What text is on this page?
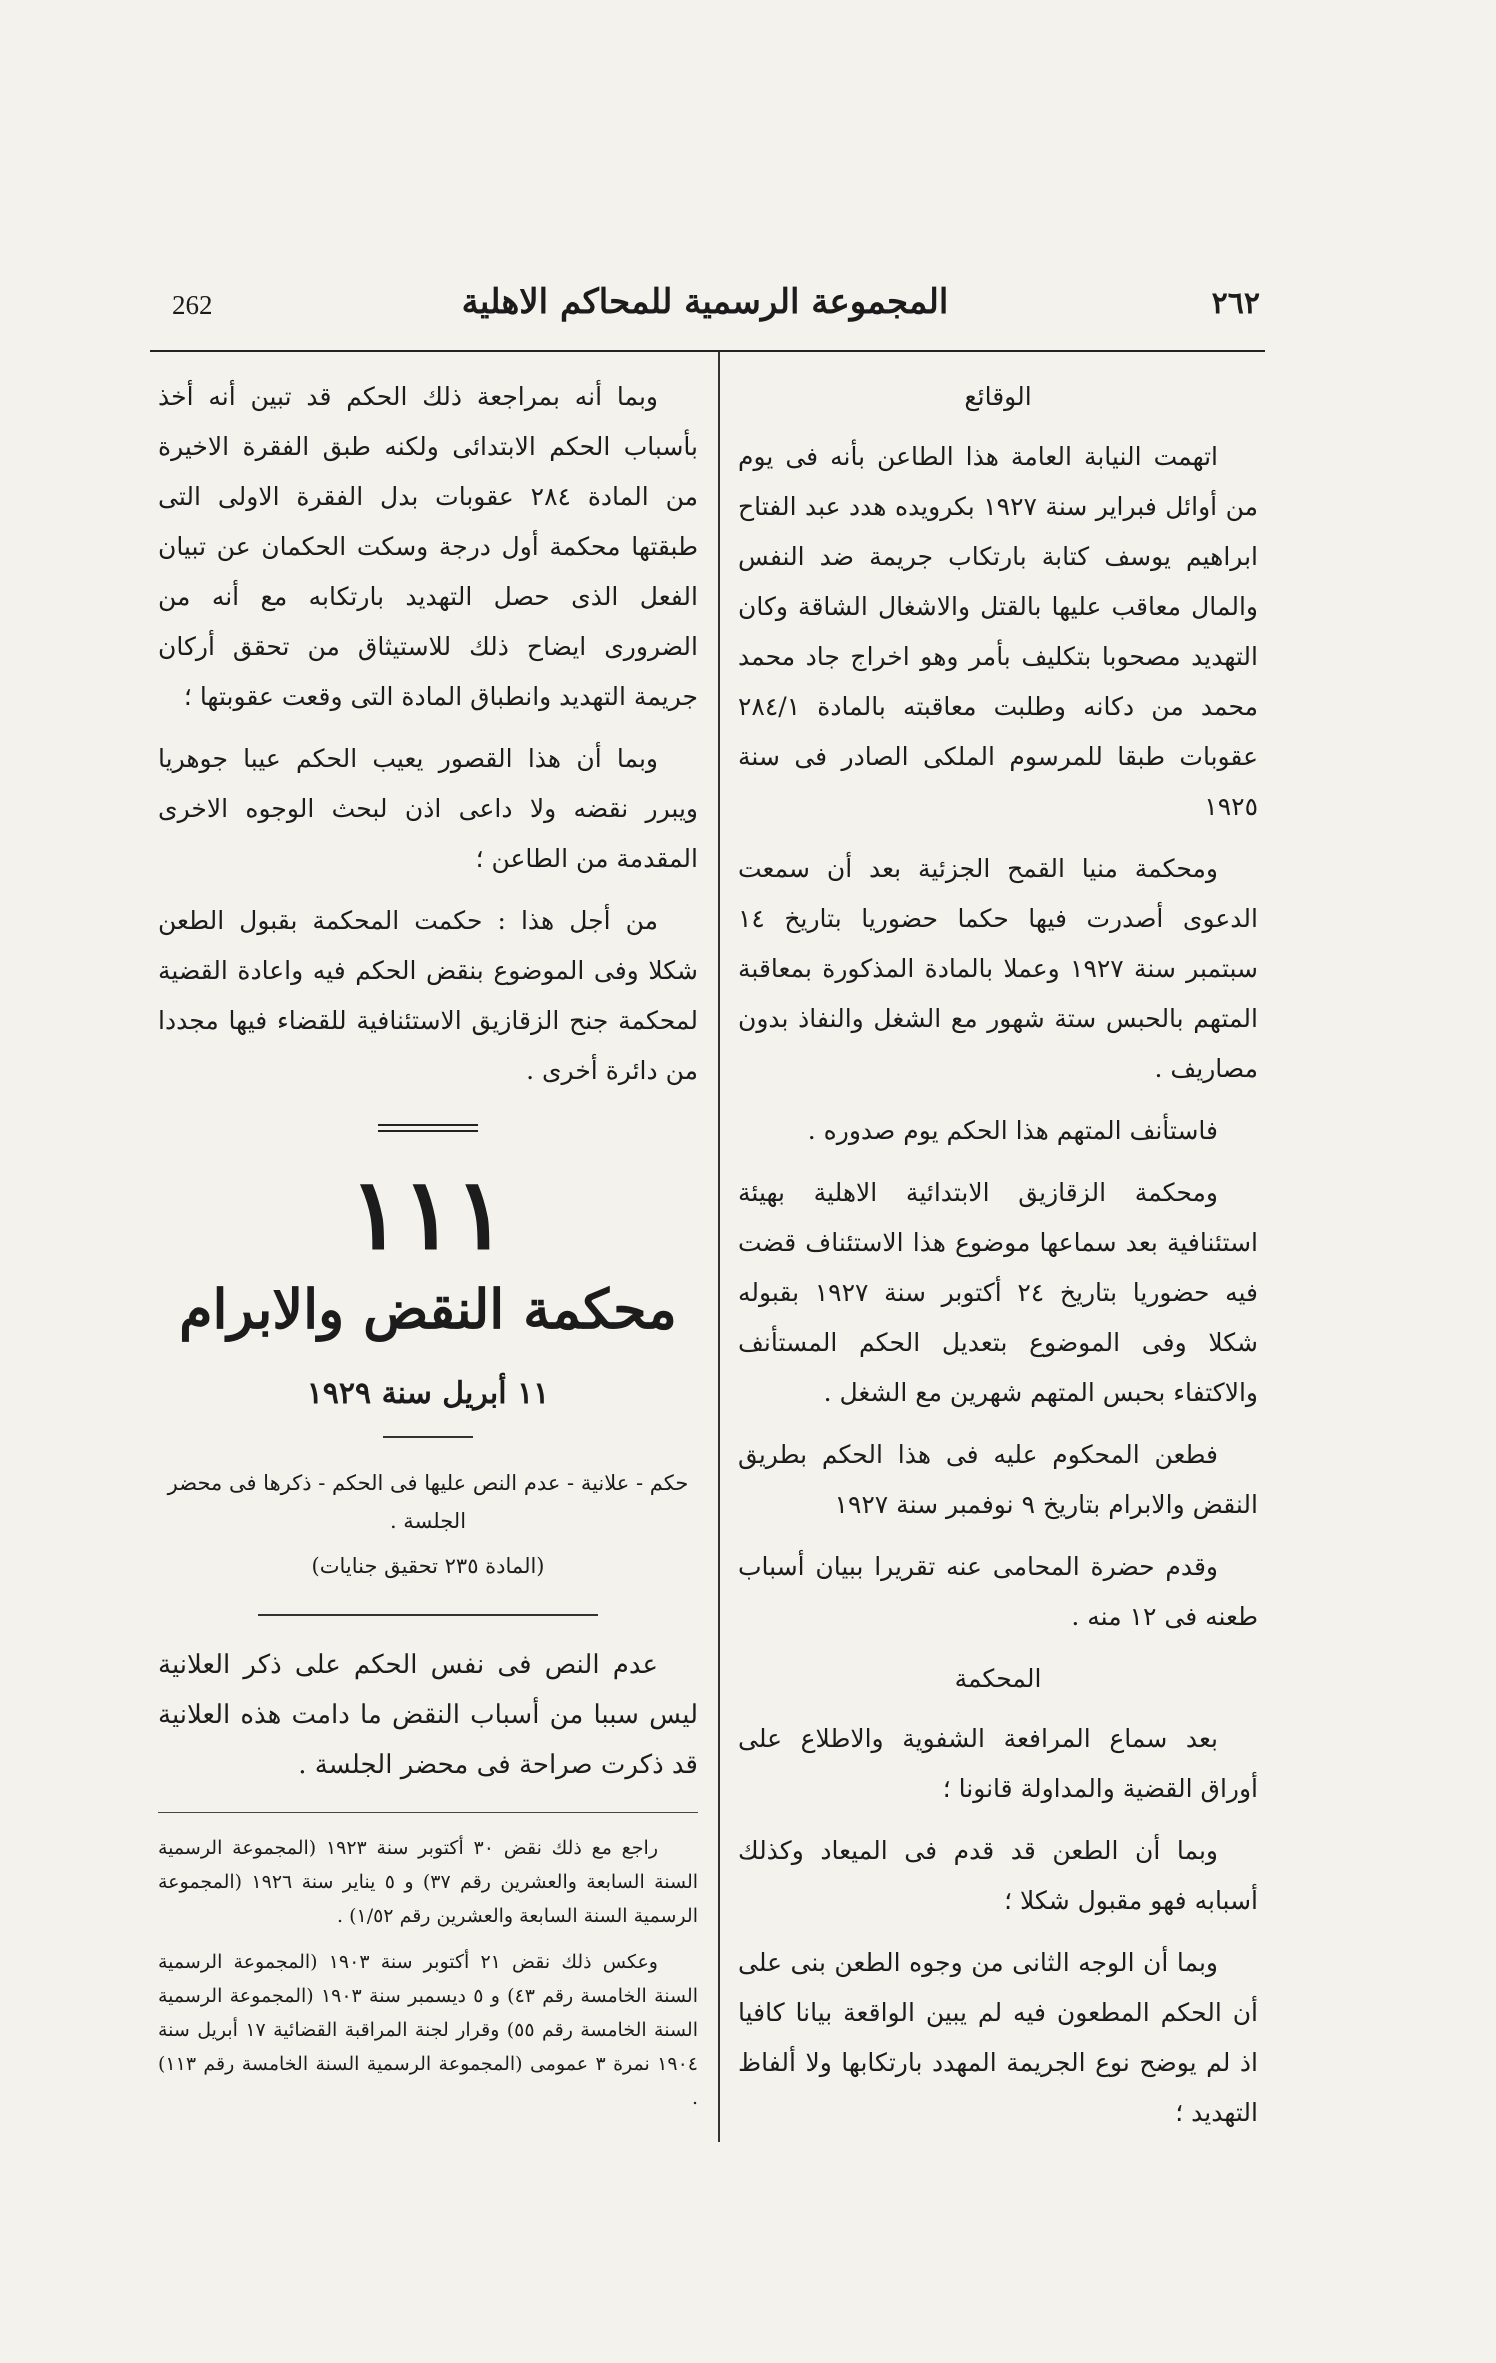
262	المجموعة الرسمية للمحاكم الاهلية	٢٦٢
الوقائع

اتهمت النيابة العامة هذا الطاعن بأنه فى يوم من أوائل فبراير سنة ١٩٢٧ بكرويده هدد عبد الفتاح ابراهيم يوسف كتابة بارتكاب جريمة ضد النفس والمال معاقب عليها بالقتل والاشغال الشاقة وكان التهديد مصحوبا بتكليف بأمر وهو اخراج جاد محمد محمد من دكانه وطلبت معاقبته بالمادة ٢٨٤/١ عقوبات طبقا للمرسوم الملكى الصادر فى سنة ١٩٢٥

ومحكمة منيا القمح الجزئية بعد أن سمعت الدعوى أصدرت فيها حكما حضوريا بتاريخ ١٤ سبتمبر سنة ١٩٢٧ وعملا بالمادة المذكورة بمعاقبة المتهم بالحبس ستة شهور مع الشغل والنفاذ بدون مصاريف .

فاستأنف المتهم هذا الحكم يوم صدوره .

ومحكمة الزقازيق الابتدائية الاهلية بهيئة استئنافية بعد سماعها موضوع هذا الاستئناف قضت فيه حضوريا بتاريخ ٢٤ أكتوبر سنة ١٩٢٧ بقبوله شكلا وفى الموضوع بتعديل الحكم المستأنف والاكتفاء بحبس المتهم شهرين مع الشغل .

فطعن المحكوم عليه فى هذا الحكم بطريق النقض والابرام بتاريخ ٩ نوفمبر سنة ١٩٢٧

وقدم حضرة المحامى عنه تقريرا ببيان أسباب طعنه فى ١٢ منه .

المحكمة

بعد سماع المرافعة الشفوية والاطلاع على أوراق القضية والمداولة قانونا ؛

وبما أن الطعن قد قدم فى الميعاد وكذلك أسبابه فهو مقبول شكلا ؛

وبما أن الوجه الثانى من وجوه الطعن بنى على أن الحكم المطعون فيه لم يبين الواقعة بيانا كافيا اذ لم يوضح نوع الجريمة المهدد بارتكابها ولا ألفاظ التهديد ؛

وبما أنه بمراجعة ذلك الحكم قد تبين أنه أخذ بأسباب الحكم الابتدائى ولكنه طبق الفقرة الاخيرة من المادة ٢٨٤ عقوبات بدل الفقرة الاولى التى طبقتها محكمة أول درجة وسكت الحكمان عن تبيان الفعل الذى حصل التهديد بارتكابه مع أنه من الضرورى ايضاح ذلك للاستيثاق من تحقق أركان جريمة التهديد وانطباق المادة التى وقعت عقوبتها ؛

وبما أن هذا القصور يعيب الحكم عيبا جوهريا ويبرر نقضه ولا داعى اذن لبحث الوجوه الاخرى المقدمة من الطاعن ؛

من أجل هذا : حكمت المحكمة بقبول الطعن شكلا وفى الموضوع بنقض الحكم فيه واعادة القضية لمحكمة جنح الزقازيق الاستئنافية للقضاء فيها مجددا من دائرة أخرى .

١١١
محكمة النقض والابرام
١١ أبريل سنة ١٩٢٩
حكم - علانية - عدم النص عليها فى الحكم - ذكرها فى محضر الجلسة .
(المادة ٢٣٥ تحقيق جنايات)

عدم النص فى نفس الحكم على ذكر العلانية ليس سببا من أسباب النقض ما دامت هذه العلانية قد ذكرت صراحة فى محضر الجلسة .

راجع مع ذلك نقض ٣٠ أكتوبر سنة ١٩٢٣ (المجموعة الرسمية السنة السابعة والعشرين رقم ٣٧) و ٥ يناير سنة ١٩٢٦ (المجموعة الرسمية السنة السابعة والعشرين رقم ١/٥٢) .

وعكس ذلك نقض ٢١ أكتوبر سنة ١٩٠٣ (المجموعة الرسمية السنة الخامسة رقم ٤٣) و ٥ ديسمبر سنة ١٩٠٣ (المجموعة الرسمية السنة الخامسة رقم ٥٥) وقرار لجنة المراقبة القضائية ١٧ أبريل سنة ١٩٠٤ نمرة ٣ عمومى (المجموعة الرسمية السنة الخامسة رقم ١١٣) .
